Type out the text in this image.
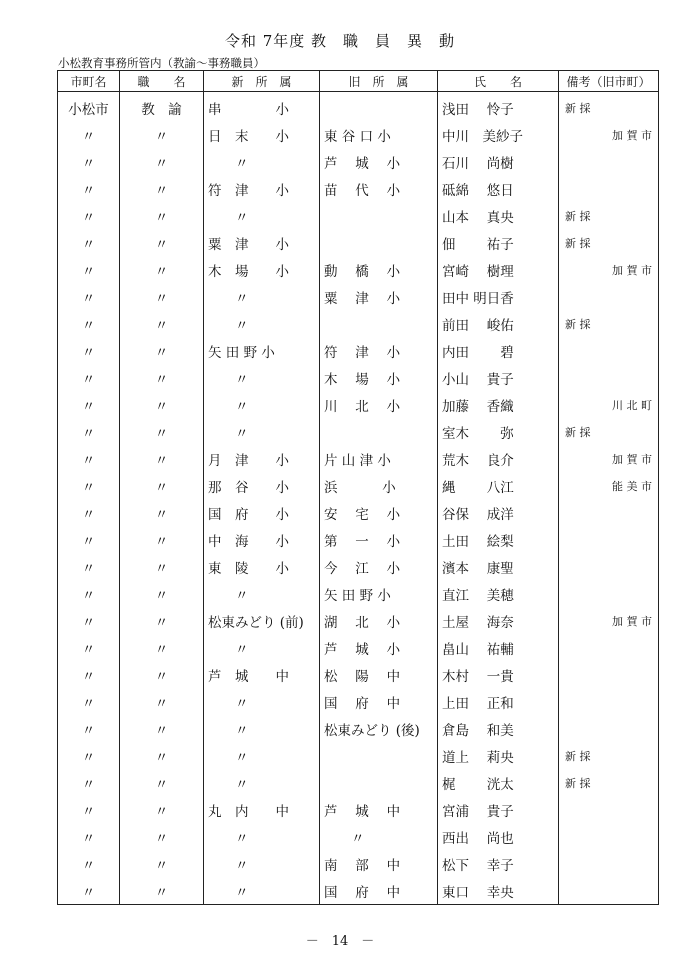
令和 7年度 教　職　員　異　動
小松教育事務所管内（教諭～事務職員）
市町名	職　　名	新　所　属	旧　所　属	氏　　名	備考（旧市町）
小松市	教　諭	串　　　　小		浅田　 怜子	新 採
〃	〃	日　末　　小	東 谷 口 小	中川　美紗子	加 賀 市
〃	〃	　　〃	芦　 城　 小	石川　 尚樹	
〃	〃	符　津　　小	苗　 代　 小	砥綿　 悠日	
〃	〃	　　〃		山本　 真央	新 採
〃	〃	粟　津　　小		佃　　 祐子	新 採
〃	〃	木　場　　小	動　 橋　 小	宮崎　 樹理	加 賀 市
〃	〃	　　〃	粟　 津　 小	田中 明日香	
〃	〃	　　〃		前田　 峻佑	新 採
〃	〃	矢 田 野 小	符　 津　 小	内田　　 碧	
〃	〃	　　〃	木　 場　 小	小山　 貴子	
〃	〃	　　〃	川　 北　 小	加藤　 香織	川 北 町
〃	〃	　　〃		室木　　 弥	新 採
〃	〃	月　津　　小	片 山 津 小	荒木　 良介	加 賀 市
〃	〃	那　谷　　小	浜　　　 小	縄　　 八江	能 美 市
〃	〃	国　府　　小	安　 宅　 小	谷保　 成洋	
〃	〃	中　海　　小	第　 一　 小	土田　 絵梨	
〃	〃	東　陵　　小	今　 江　 小	濱本　 康聖	
〃	〃	　　〃	矢 田 野 小	直江　 美穂	
〃	〃	松東みどり (前)	湖　 北　 小	土屋　 海奈	加 賀 市
〃	〃	　　〃	芦　 城　 小	畠山　 祐輔	
〃	〃	芦　城　　中	松　 陽　 中	木村　 一貴	
〃	〃	　　〃	国　 府　 中	上田　 正和	
〃	〃	　　〃	松東みどり (後)	倉島　 和美	
〃	〃	　　〃		道上　 莉央	新 採
〃	〃	　　〃		梶　　 洸太	新 採
〃	〃	丸　内　　中	芦　 城　 中	宮浦　 貴子	
〃	〃	　　〃	　　〃	西出　 尚也	
〃	〃	　　〃	南　 部　 中	松下　 幸子	
〃	〃	　　〃	国　 府　 中	東口　 幸央	
－　14　－
